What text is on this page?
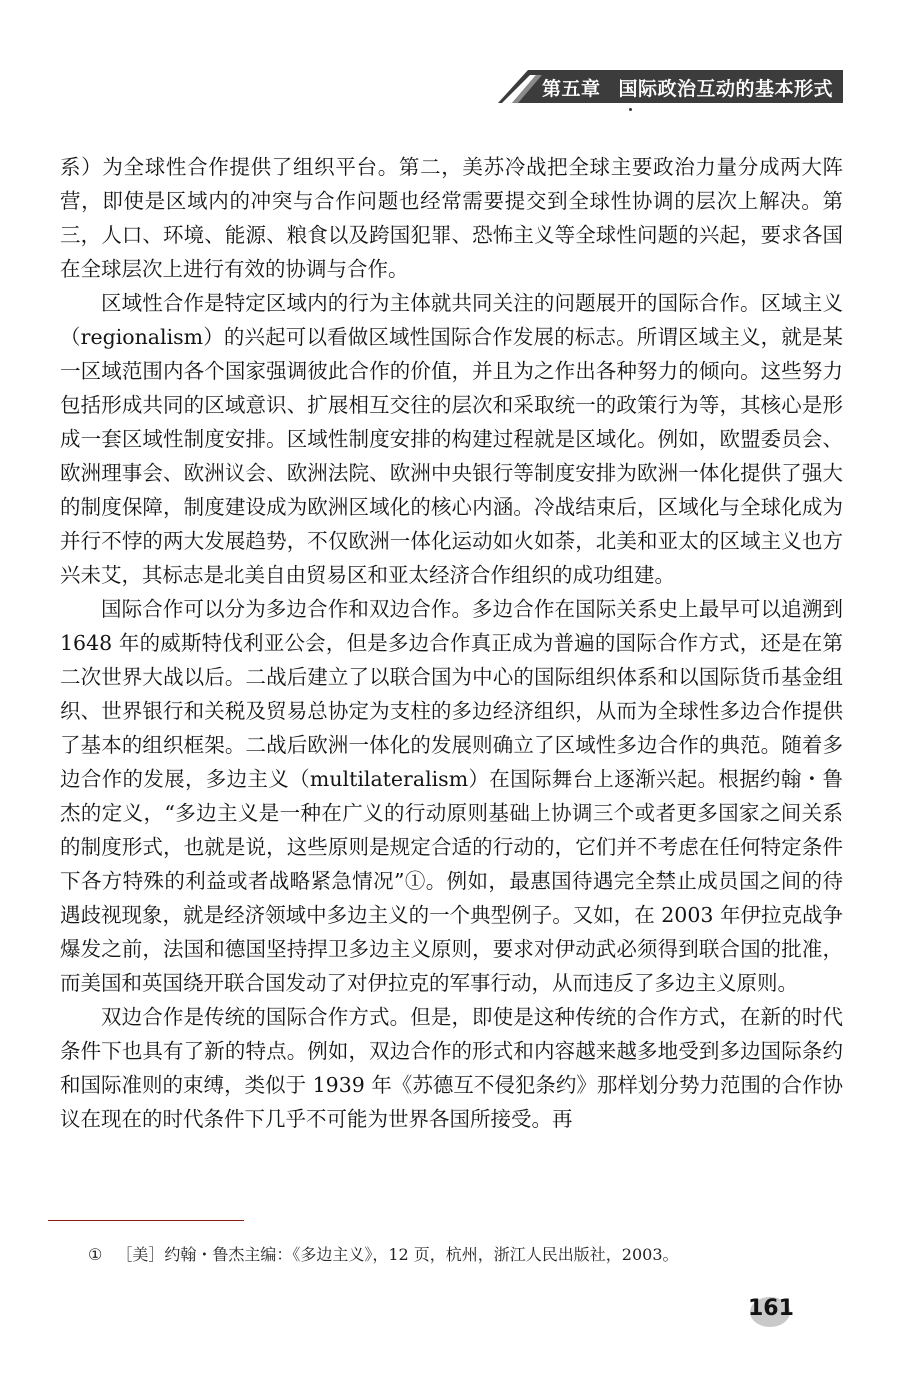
第五章 国际政治互动的基本形式

系）为全球性合作提供了组织平台。第二，美苏冷战把全球主要政治力量分成两大阵营，即使是区域内的冲突与合作问题也经常需要提交到全球性协调的层次上解决。第三，人口、环境、能源、粮食以及跨国犯罪、恐怖主义等全球性问题的兴起，要求各国在全球层次上进行有效的协调与合作。

区域性合作是特定区域内的行为主体就共同关注的问题展开的国际合作。区域主义（regionalism）的兴起可以看做区域性国际合作发展的标志。所谓区域主义，就是某一区域范围内各个国家强调彼此合作的价值，并且为之作出各种努力的倾向。这些努力包括形成共同的区域意识、扩展相互交往的层次和采取统一的政策行为等，其核心是形成一套区域性制度安排。区域性制度安排的构建过程就是区域化。例如，欧盟委员会、欧洲理事会、欧洲议会、欧洲法院、欧洲中央银行等制度安排为欧洲一体化提供了强大的制度保障，制度建设成为欧洲区域化的核心内涵。冷战结束后，区域化与全球化成为并行不悖的两大发展趋势，不仅欧洲一体化运动如火如荼，北美和亚太的区域主义也方兴未艾，其标志是北美自由贸易区和亚太经济合作组织的成功组建。

国际合作可以分为多边合作和双边合作。多边合作在国际关系史上最早可以追溯到 1648 年的威斯特伐利亚公会，但是多边合作真正成为普遍的国际合作方式，还是在第二次世界大战以后。二战后建立了以联合国为中心的国际组织体系和以国际货币基金组织、世界银行和关税及贸易总协定为支柱的多边经济组织，从而为全球性多边合作提供了基本的组织框架。二战后欧洲一体化的发展则确立了区域性多边合作的典范。随着多边合作的发展，多边主义（multilateralism）在国际舞台上逐渐兴起。根据约翰・鲁杰的定义，“多边主义是一种在广义的行动原则基础上协调三个或者更多国家之间关系的制度形式，也就是说，这些原则是规定合适的行动的，它们并不考虑在任何特定条件下各方特殊的利益或者战略紧急情况”①。例如，最惠国待遇完全禁止成员国之间的待遇歧视现象，就是经济领域中多边主义的一个典型例子。又如，在 2003 年伊拉克战争爆发之前，法国和德国坚持捍卫多边主义原则，要求对伊动武必须得到联合国的批准，而美国和英国绕开联合国发动了对伊拉克的军事行动，从而违反了多边主义原则。

双边合作是传统的国际合作方式。但是，即使是这种传统的合作方式，在新的时代条件下也具有了新的特点。例如，双边合作的形式和内容越来越多地受到多边国际条约和国际准则的束缚，类似于 1939 年《苏德互不侵犯条约》那样划分势力范围的合作协议在现在的时代条件下几乎不可能为世界各国所接受。再

① ［美］约翰・鲁杰主编：《多边主义》，12 页，杭州，浙江人民出版社，2003。
161
